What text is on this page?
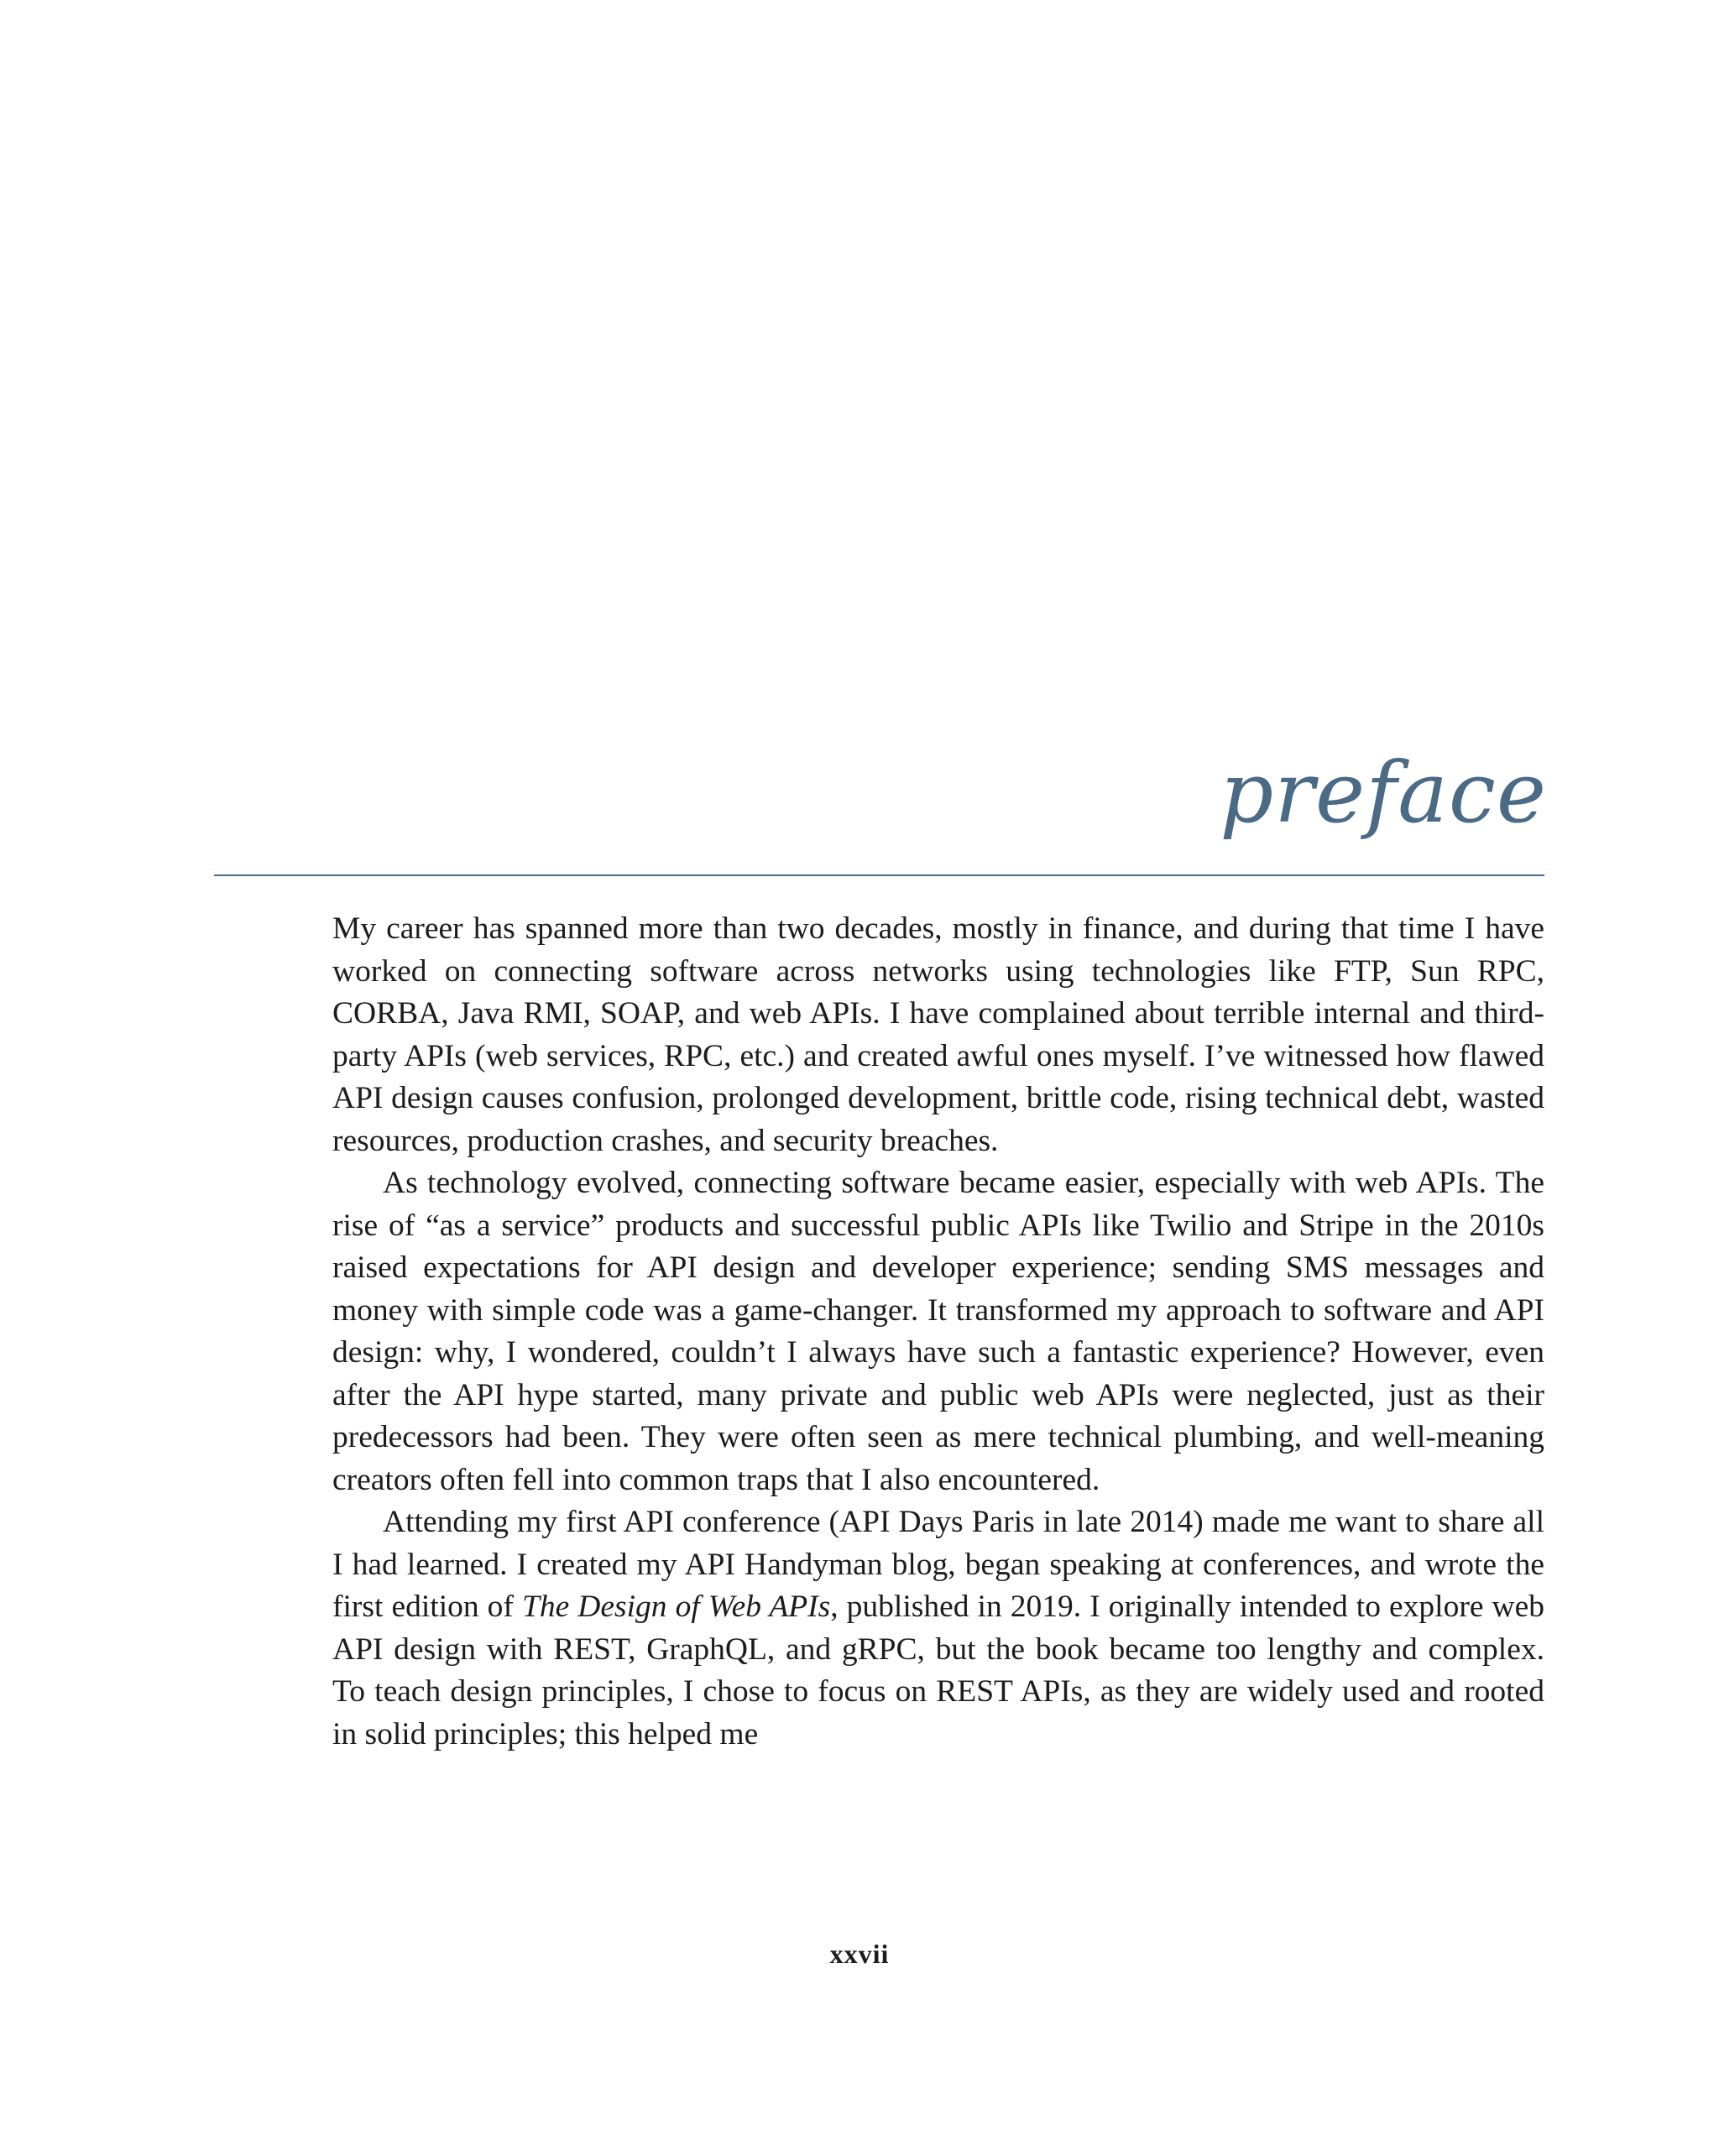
preface

My career has spanned more than two decades, mostly in finance, and during that time I have worked on connecting software across networks using technologies like FTP, Sun RPC, CORBA, Java RMI, SOAP, and web APIs. I have complained about terrible internal and third-party APIs (web services, RPC, etc.) and created awful ones myself. I’ve witnessed how flawed API design causes confusion, prolonged development, brittle code, rising technical debt, wasted resources, production crashes, and security breaches.

As technology evolved, connecting software became easier, especially with web APIs. The rise of “as a service” products and successful public APIs like Twilio and Stripe in the 2010s raised expectations for API design and developer experience; sending SMS messages and money with simple code was a game-changer. It transformed my approach to software and API design: why, I wondered, couldn’t I always have such a fantastic experience? However, even after the API hype started, many private and public web APIs were neglected, just as their predecessors had been. They were often seen as mere technical plumbing, and well-meaning creators often fell into common traps that I also encountered.

Attending my first API conference (API Days Paris in late 2014) made me want to share all I had learned. I created my API Handyman blog, began speaking at conferences, and wrote the first edition of The Design of Web APIs, published in 2019. I originally intended to explore web API design with REST, GraphQL, and gRPC, but the book became too lengthy and complex. To teach design principles, I chose to focus on REST APIs, as they are widely used and rooted in solid principles; this helped me

xxvii
